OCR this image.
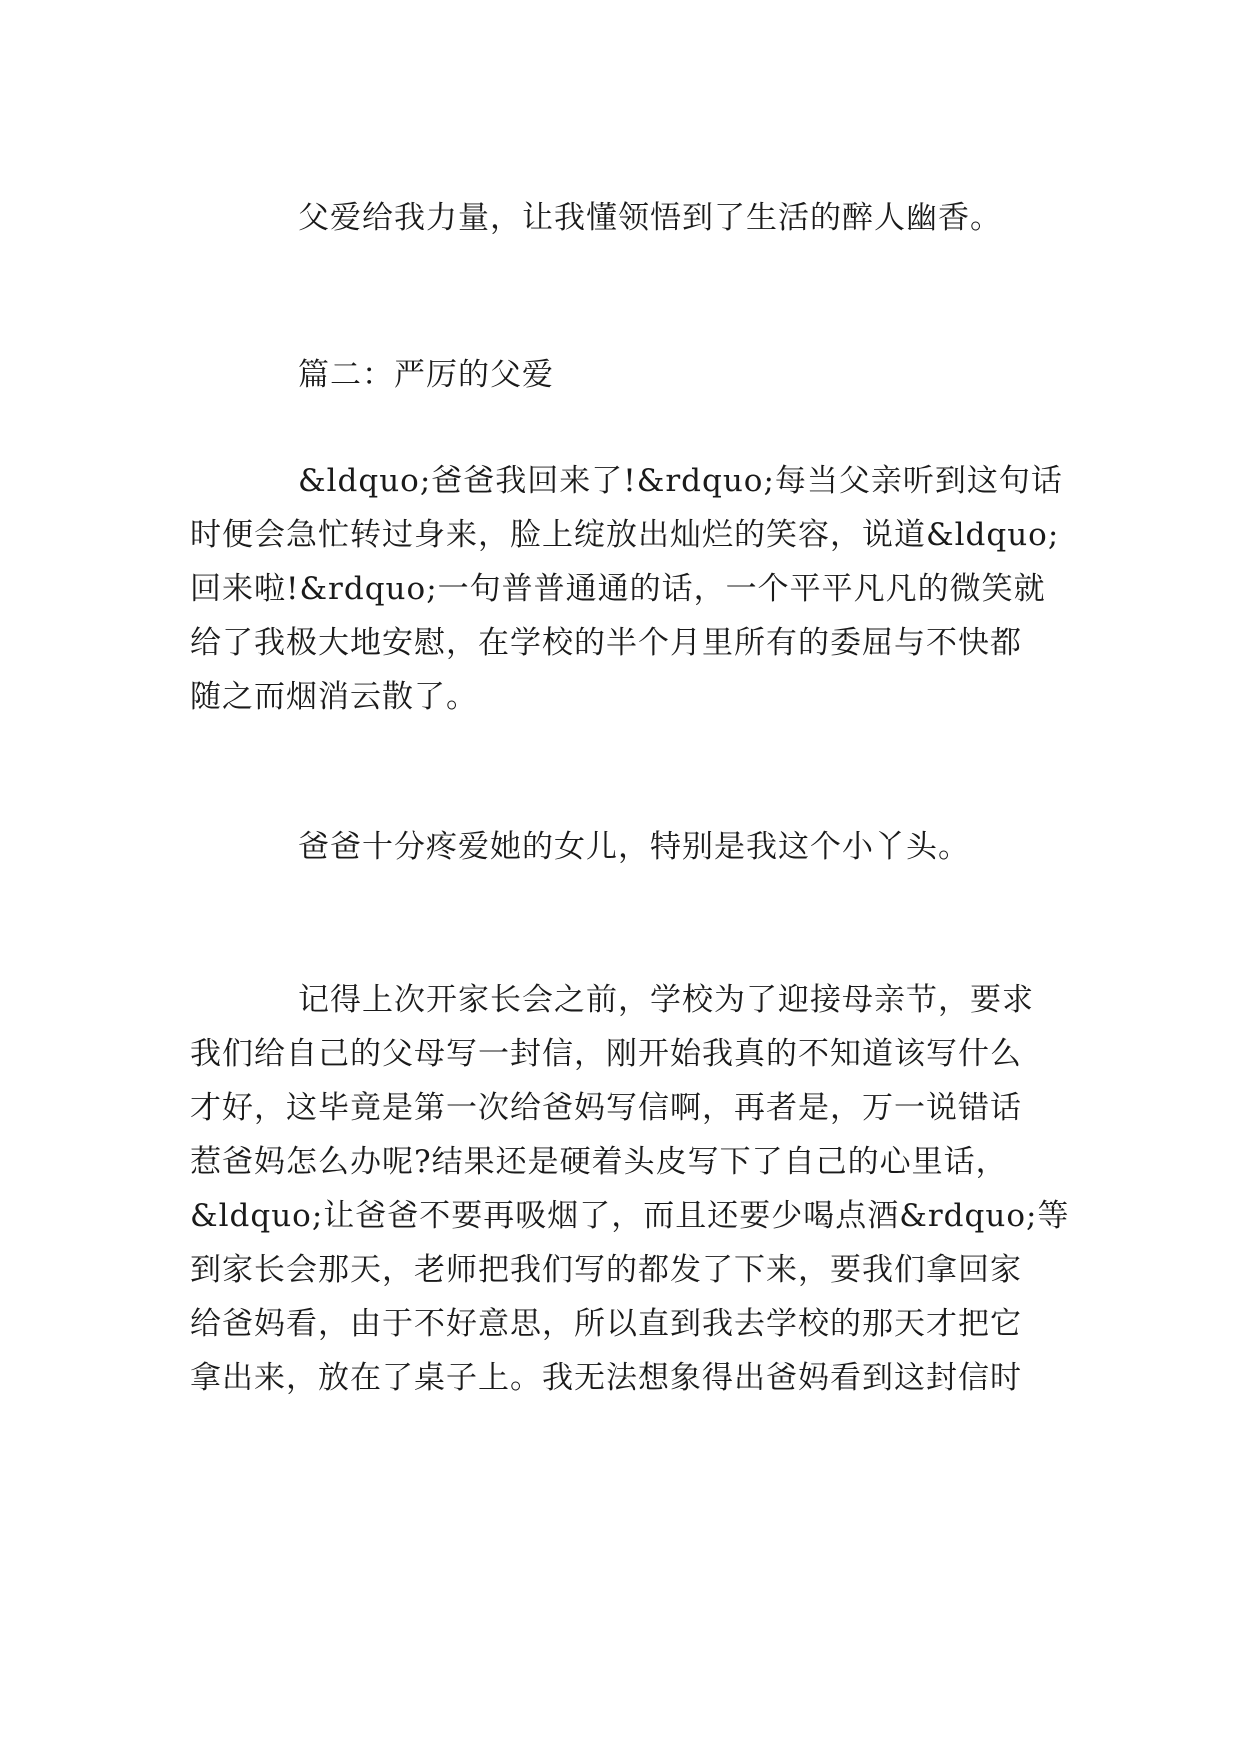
父爱给我力量，让我懂领悟到了生活的醉人幽香。
篇二：严厉的父爱
&ldquo;爸爸我回来了!&rdquo;每当父亲听到这句话
时便会急忙转过身来，脸上绽放出灿烂的笑容，说道&ldquo;
回来啦!&rdquo;一句普普通通的话，一个平平凡凡的微笑就
给了我极大地安慰，在学校的半个月里所有的委屈与不快都
随之而烟消云散了。
爸爸十分疼爱她的女儿，特别是我这个小丫头。
记得上次开家长会之前，学校为了迎接母亲节，要求
我们给自己的父母写一封信，刚开始我真的不知道该写什么
才好，这毕竟是第一次给爸妈写信啊，再者是，万一说错话
惹爸妈怎么办呢?结果还是硬着头皮写下了自己的心里话，
&ldquo;让爸爸不要再吸烟了，而且还要少喝点酒&rdquo;等
到家长会那天，老师把我们写的都发了下来，要我们拿回家
给爸妈看，由于不好意思，所以直到我去学校的那天才把它
拿出来，放在了桌子上。我无法想象得出爸妈看到这封信时
